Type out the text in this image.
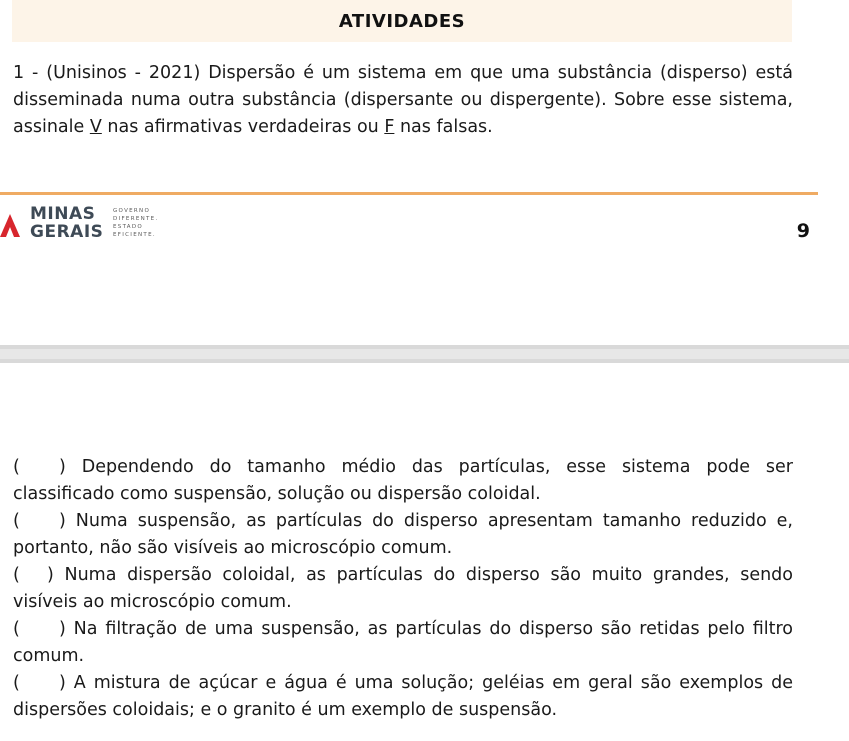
ATIVIDADES

1 - (Unisinos - 2021) Dispersão é um sistema em que uma substância (disperso) está disseminada numa outra substância (dispersante ou dispergente). Sobre esse sistema, assinale V nas afirmativas verdadeiras ou F nas falsas.

MINAS
GERAIS
GOVERNO
DIFERENTE.
ESTADO
EFICIENTE.	9
( ) Dependendo do tamanho médio das partículas, esse sistema pode ser classificado como suspensão, solução ou dispersão coloidal.
( ) Numa suspensão, as partículas do disperso apresentam tamanho reduzido e, portanto, não são visíveis ao microscópio comum.
( ) Numa dispersão coloidal, as partículas do disperso são muito grandes, sendo visíveis ao microscópio comum.
( ) Na filtração de uma suspensão, as partículas do disperso são retidas pelo filtro comum.
( ) A mistura de açúcar e água é uma solução; geléias em geral são exemplos de dispersões coloidais; e o granito é um exemplo de suspensão.
